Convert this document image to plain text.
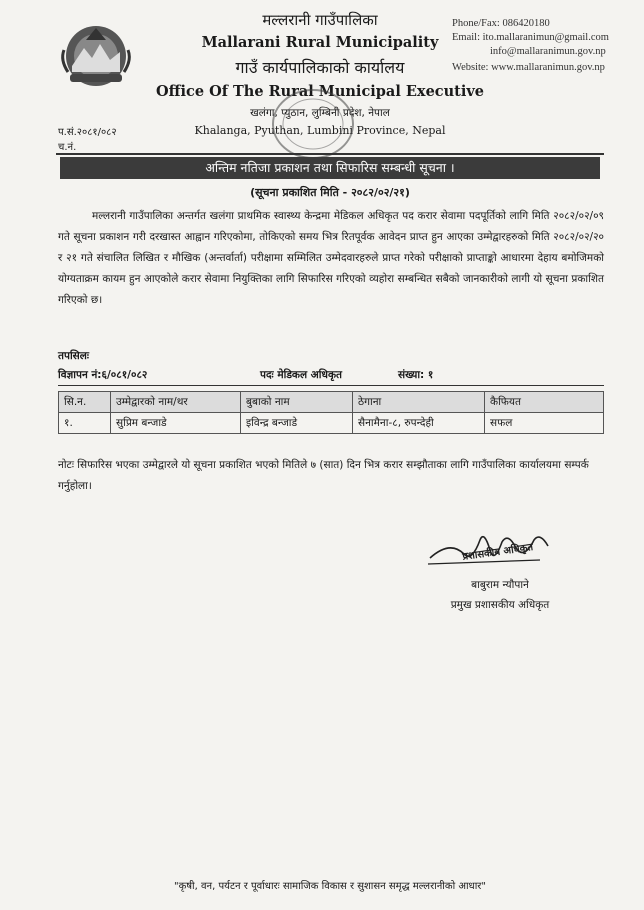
मल्लरानी गाउँपालिका
Mallarani Rural Municipality
गाउँ कार्यपालिकाको कार्यालय
Office Of The Rural Municipal Executive
खलंगा, प्युठान, लुम्बिनी प्रदेश, नेपाल
Khalanga, Pyuthan, Lumbini Province, Nepal
Phone/Fax: 086420180
Email: ito.mallaranimun@gmail.com
info@mallaranimun.gov.np
Website: www.mallaranimun.gov.np
प.सं.२०८१/०८२
च.नं.
अन्तिम नतिजा प्रकाशन तथा सिफारिस सम्बन्धी सूचना ।
(सूचना प्रकाशित मिति - २०८२/०२/२१)
मल्लरानी गाउँपालिका अन्तर्गत खलंगा प्राथमिक स्वास्थ्य केन्द्रमा मेडिकल अधिकृत पद करार सेवामा पदपूर्तिको लागि मिति २०८२/०२/०९ गते सूचना प्रकाशन गरी दरखास्त आह्वान गरिएकोमा, तोकिएको समय भित्र रितपूर्वक आवेदन प्राप्त हुन आएका उम्मेद्वारहरुको मिति २०८२/०२/२० र २१ गते संचालित लिखित र मौखिक (अन्तर्वार्ता) परीक्षामा सम्मिलित उम्मेदवारहरुले प्राप्त गरेको परीक्षाको प्राप्ताङ्को आधारमा देहाय बमोजिमको योग्यताक्रम कायम हुन आएकोले करार सेवामा नियुक्तिका लागि सिफारिस गरिएको व्यहोरा सम्बन्धित सबैको जानकारीको लागी यो सूचना प्रकाशित गरिएको छ।
तपसिलः
विज्ञापन नं:६/०८१/०८२	पदः मेडिकल अधिकृत	संख्या: १
सि.न.	उम्मेद्वारको नाम/थर	बुबाको नाम	ठेगाना	कैफियत
१.	सुप्रिम बन्जाडे	इविन्द्र बन्जाडे	सैनामैना-८, रुपन्देही	सफल
नोटः सिफारिस भएका उम्मेद्वारले यो सूचना प्रकाशित भएको मितिले ७ (सात) दिन भित्र करार सम्झौताका लागि गाउँपालिका कार्यालयमा सम्पर्क गर्नुहोला।
प्रशासकीय अधिकृत
बाबुराम न्यौपाने
प्रमुख प्रशासकीय अधिकृत
"कृषी, वन, पर्यटन र पूर्वाधारः सामाजिक विकास र सुशासन समृद्ध मल्लरानीको आधार"
